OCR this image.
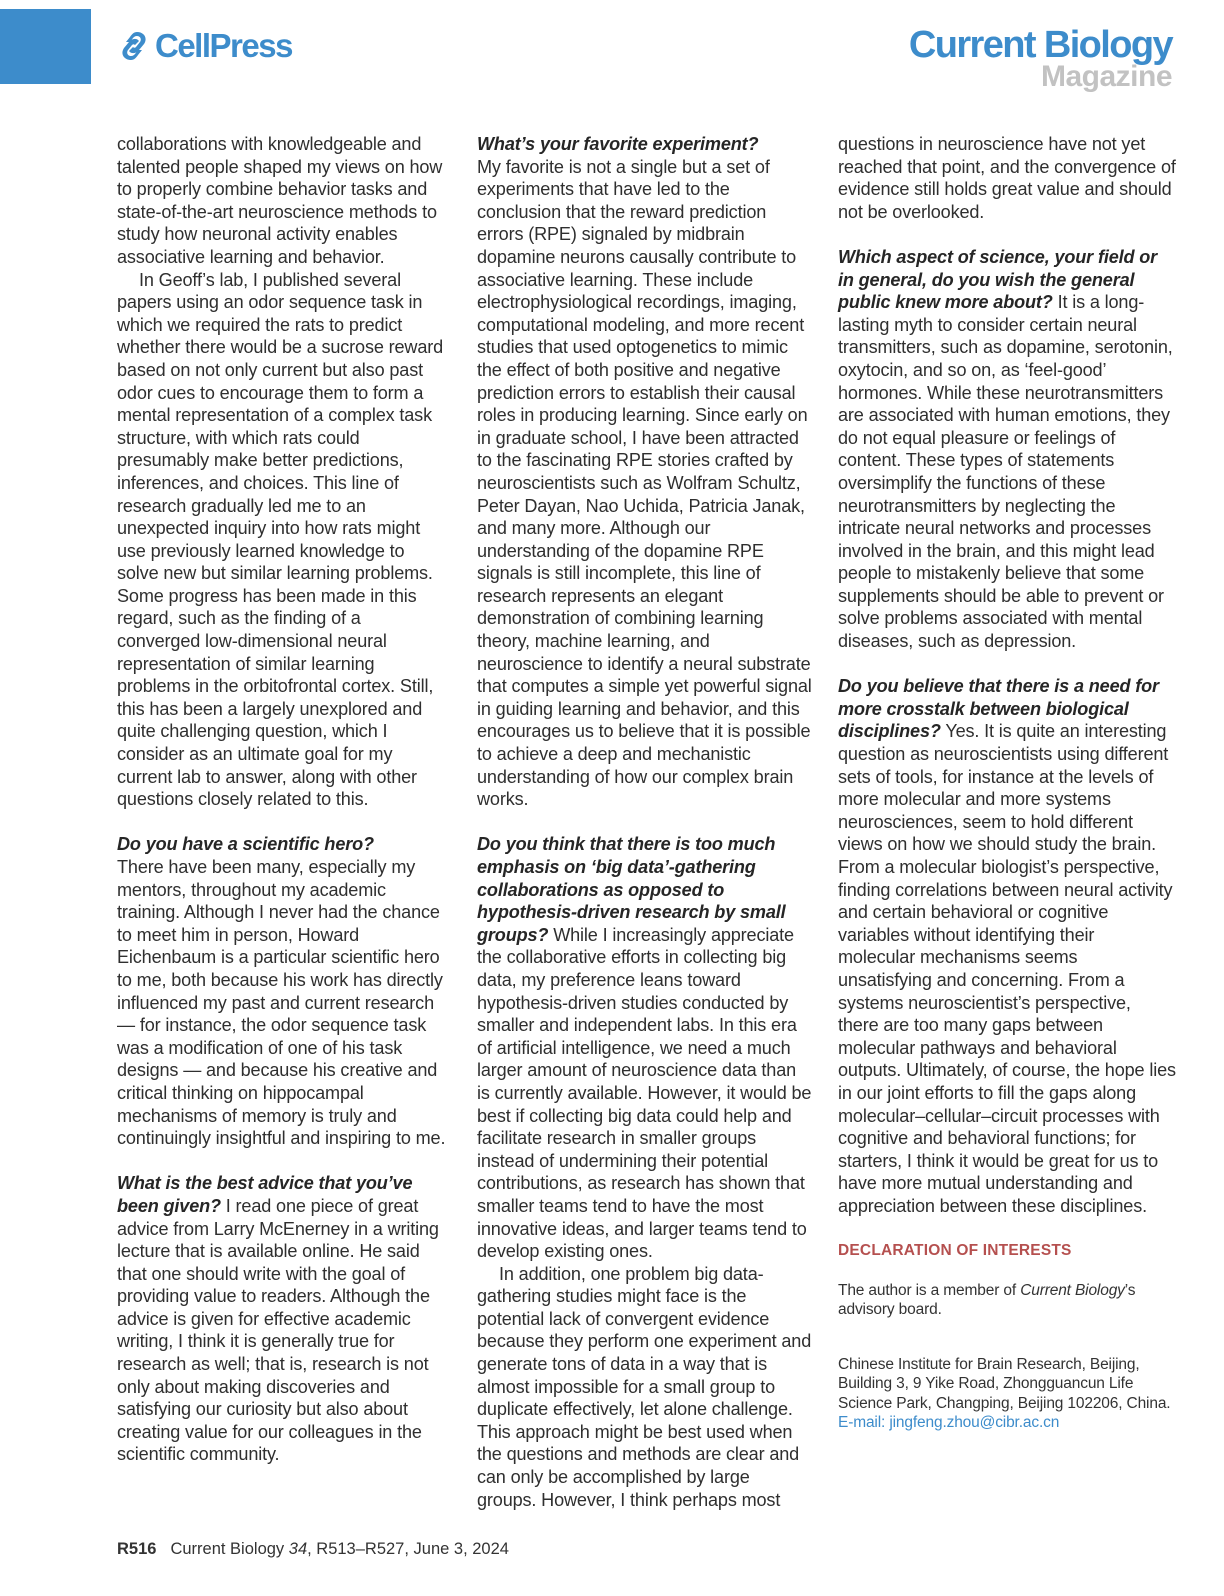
CellPress	Current Biology
Magazine

collaborations with knowledgeable and talented people shaped my views on how to properly combine behavior tasks and state-of-the-art neuroscience methods to study how neuronal activity enables associative learning and behavior.

In Geoff’s lab, I published several papers using an odor sequence task in which we required the rats to predict whether there would be a sucrose reward based on not only current but also past odor cues to encourage them to form a mental representation of a complex task structure, with which rats could presumably make better predictions, inferences, and choices. This line of research gradually led me to an unexpected inquiry into how rats might use previously learned knowledge to solve new but similar learning problems. Some progress has been made in this regard, such as the finding of a converged low-dimensional neural representation of similar learning problems in the orbitofrontal cortex. Still, this has been a largely unexplored and quite challenging question, which I consider as an ultimate goal for my current lab to answer, along with other questions closely related to this.

Do you have a scientific hero?
There have been many, especially my mentors, throughout my academic training. Although I never had the chance to meet him in person, Howard Eichenbaum is a particular scientific hero to me, both because his work has directly influenced my past and current research — for instance, the odor sequence task was a modification of one of his task designs — and because his creative and critical thinking on hippocampal mechanisms of memory is truly and continuingly insightful and inspiring to me.

What is the best advice that you’ve been given? I read one piece of great advice from Larry McEnerney in a writing lecture that is available online. He said that one should write with the goal of providing value to readers. Although the advice is given for effective academic writing, I think it is generally true for research as well; that is, research is not only about making discoveries and satisfying our curiosity but also about creating value for our colleagues in the scientific community.

What’s your favorite experiment?
My favorite is not a single but a set of experiments that have led to the conclusion that the reward prediction errors (RPE) signaled by midbrain dopamine neurons causally contribute to associative learning. These include electrophysiological recordings, imaging, computational modeling, and more recent studies that used optogenetics to mimic the effect of both positive and negative prediction errors to establish their causal roles in producing learning. Since early on in graduate school, I have been attracted to the fascinating RPE stories crafted by neuroscientists such as Wolfram Schultz, Peter Dayan, Nao Uchida, Patricia Janak, and many more. Although our understanding of the dopamine RPE signals is still incomplete, this line of research represents an elegant demonstration of combining learning theory, machine learning, and neuroscience to identify a neural substrate that computes a simple yet powerful signal in guiding learning and behavior, and this encourages us to believe that it is possible to achieve a deep and mechanistic understanding of how our complex brain works.

Do you think that there is too much emphasis on ‘big data’-gathering collaborations as opposed to hypothesis-driven research by small groups? While I increasingly appreciate the collaborative efforts in collecting big data, my preference leans toward hypothesis-driven studies conducted by smaller and independent labs. In this era of artificial intelligence, we need a much larger amount of neuroscience data than is currently available. However, it would be best if collecting big data could help and facilitate research in smaller groups instead of undermining their potential contributions, as research has shown that smaller teams tend to have the most innovative ideas, and larger teams tend to develop existing ones.

In addition, one problem big data-gathering studies might face is the potential lack of convergent evidence because they perform one experiment and generate tons of data in a way that is almost impossible for a small group to duplicate effectively, let alone challenge. This approach might be best used when the questions and methods are clear and can only be accomplished by large groups. However, I think perhaps most

questions in neuroscience have not yet reached that point, and the convergence of evidence still holds great value and should not be overlooked.

Which aspect of science, your field or in general, do you wish the general public knew more about? It is a long-lasting myth to consider certain neural transmitters, such as dopamine, serotonin, oxytocin, and so on, as ‘feel-good’ hormones. While these neurotransmitters are associated with human emotions, they do not equal pleasure or feelings of content. These types of statements oversimplify the functions of these neurotransmitters by neglecting the intricate neural networks and processes involved in the brain, and this might lead people to mistakenly believe that some supplements should be able to prevent or solve problems associated with mental diseases, such as depression.

Do you believe that there is a need for more crosstalk between biological disciplines? Yes. It is quite an interesting question as neuroscientists using different sets of tools, for instance at the levels of more molecular and more systems neurosciences, seem to hold different views on how we should study the brain. From a molecular biologist’s perspective, finding correlations between neural activity and certain behavioral or cognitive variables without identifying their molecular mechanisms seems unsatisfying and concerning. From a systems neuroscientist’s perspective, there are too many gaps between molecular pathways and behavioral outputs. Ultimately, of course, the hope lies in our joint efforts to fill the gaps along molecular–cellular–circuit processes with cognitive and behavioral functions; for starters, I think it would be great for us to have more mutual understanding and appreciation between these disciplines.

DECLARATION OF INTERESTS

The author is a member of Current Biology’s advisory board.

Chinese Institute for Brain Research, Beijing, Building 3, 9 Yike Road, Zhongguancun Life Science Park, Changping, Beijing 102206, China.

E-mail: jingfeng.zhou@cibr.ac.cn

R516 Current Biology 34, R513–R527, June 3, 2024
